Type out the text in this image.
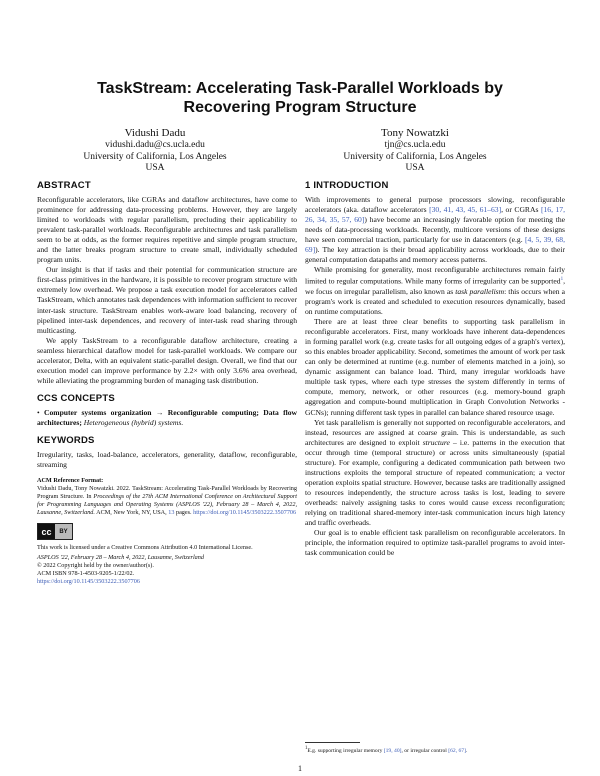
TaskStream: Accelerating Task-Parallel Workloads by Recovering Program Structure
Vidushi Dadu
vidushi.dadu@cs.ucla.edu
University of California, Los Angeles
USA
Tony Nowatzki
tjn@cs.ucla.edu
University of California, Los Angeles
USA
ABSTRACT

Reconfigurable accelerators, like CGRAs and dataflow architectures, have come to prominence for addressing data-processing problems. However, they are largely limited to workloads with regular parallelism, precluding their applicability to prevalent task-parallel workloads. Reconfigurable architectures and task parallelism seem to be at odds, as the former requires repetitive and simple program structure, and the latter breaks program structure to create small, individually scheduled program units.

Our insight is that if tasks and their potential for communication structure are first-class primitives in the hardware, it is possible to recover program structure with extremely low overhead. We propose a task execution model for accelerators called TaskStream, which annotates task dependences with information sufficient to recover inter-task structure. TaskStream enables work-aware load balancing, recovery of pipelined inter-task dependences, and recovery of inter-task read sharing through multicasting.

We apply TaskStream to a reconfigurable dataflow architecture, creating a seamless hierarchical dataflow model for task-parallel workloads. We compare our accelerator, Delta, with an equivalent static-parallel design. Overall, we find that our execution model can improve performance by 2.2× with only 3.6% area overhead, while alleviating the programming burden of managing task distribution.

CCS CONCEPTS

• Computer systems organization → Reconfigurable computing; Data flow architectures; Heterogeneous (hybrid) systems.

KEYWORDS

Irregularity, tasks, load-balance, accelerators, generality, dataflow, reconfigurable, streaming

ACM Reference Format:
Vidushi Dadu, Tony Nowatzki. 2022. TaskStream: Accelerating Task-Parallel Workloads by Recovering Program Structure. In Proceedings of the 27th ACM International Conference on Architectural Support for Programming Languages and Operating Systems (ASPLOS '22), February 28 – March 4, 2022, Lausanne, Switzerland. ACM, New York, NY, USA, 13 pages. https://doi.org/10.1145/3503222.3507706
cc	BY
This work is licensed under a Creative Commons Attribution 4.0 International License.
ASPLOS '22, February 28 – March 4, 2022, Lausanne, Switzerland
© 2022 Copyright held by the owner/author(s).
ACM ISBN 978-1-4503-9205-1/22/02.
https://doi.org/10.1145/3503222.3507706
1 INTRODUCTION

With improvements to general purpose processors slowing, reconfigurable accelerators (aka. dataflow accelerators [30, 41, 43, 45, 61–63], or CGRAs [16, 17, 26, 34, 35, 57, 60]) have become an increasingly favorable option for meeting the needs of data-processing workloads. Recently, multicore versions of these designs have seen commercial traction, particularly for use in datacenters (e.g. [4, 5, 39, 68, 69]). The key attraction is their broad applicability across workloads, due to their general computation datapaths and memory access patterns.

While promising for generality, most reconfigurable architectures remain fairly limited to regular computations. While many forms of irregularity can be supported$^1$, we focus on irregular parallelism, also known as task parallelism: this occurs when a program's work is created and scheduled to execution resources dynamically, based on runtime computations.

There are at least three clear benefits to supporting task parallelism in reconfigurable accelerators. First, many workloads have inherent data-dependences in forming parallel work (e.g. create tasks for all outgoing edges of a graph's vertex), so this enables broader applicability. Second, sometimes the amount of work per task can only be determined at runtime (e.g. number of elements matched in a join), so dynamic assignment can balance load. Third, many irregular workloads have multiple task types, where each type stresses the system differently in terms of compute, memory, network, or other resources (e.g. memory-bound graph aggregation and compute-bound multiplication in Graph Convolution Networks - GCNs); running different task types in parallel can balance shared resource usage.

Yet task parallelism is generally not supported on reconfigurable accelerators, and instead, resources are assigned at coarse grain. This is understandable, as such architectures are designed to exploit structure – i.e. patterns in the execution that occur through time (temporal structure) or across units simultaneously (spatial structure). For example, configuring a dedicated communication path between two instructions exploits the temporal structure of repeated communication; a vector operation exploits spatial structure. However, because tasks are traditionally assigned to resources independently, the structure across tasks is lost, leading to severe overheads: naively assigning tasks to cores would cause excess reconfiguration; relying on traditional shared-memory inter-task communication incurs high latency and traffic overheads.

Our goal is to enable efficient task parallelism on reconfigurable accelerators. In principle, the information required to optimize task-parallel programs to avoid inter-task communication could be

$^1$E.g. supporting irregular memory [19, 40], or irregular control [62, 67].
1
